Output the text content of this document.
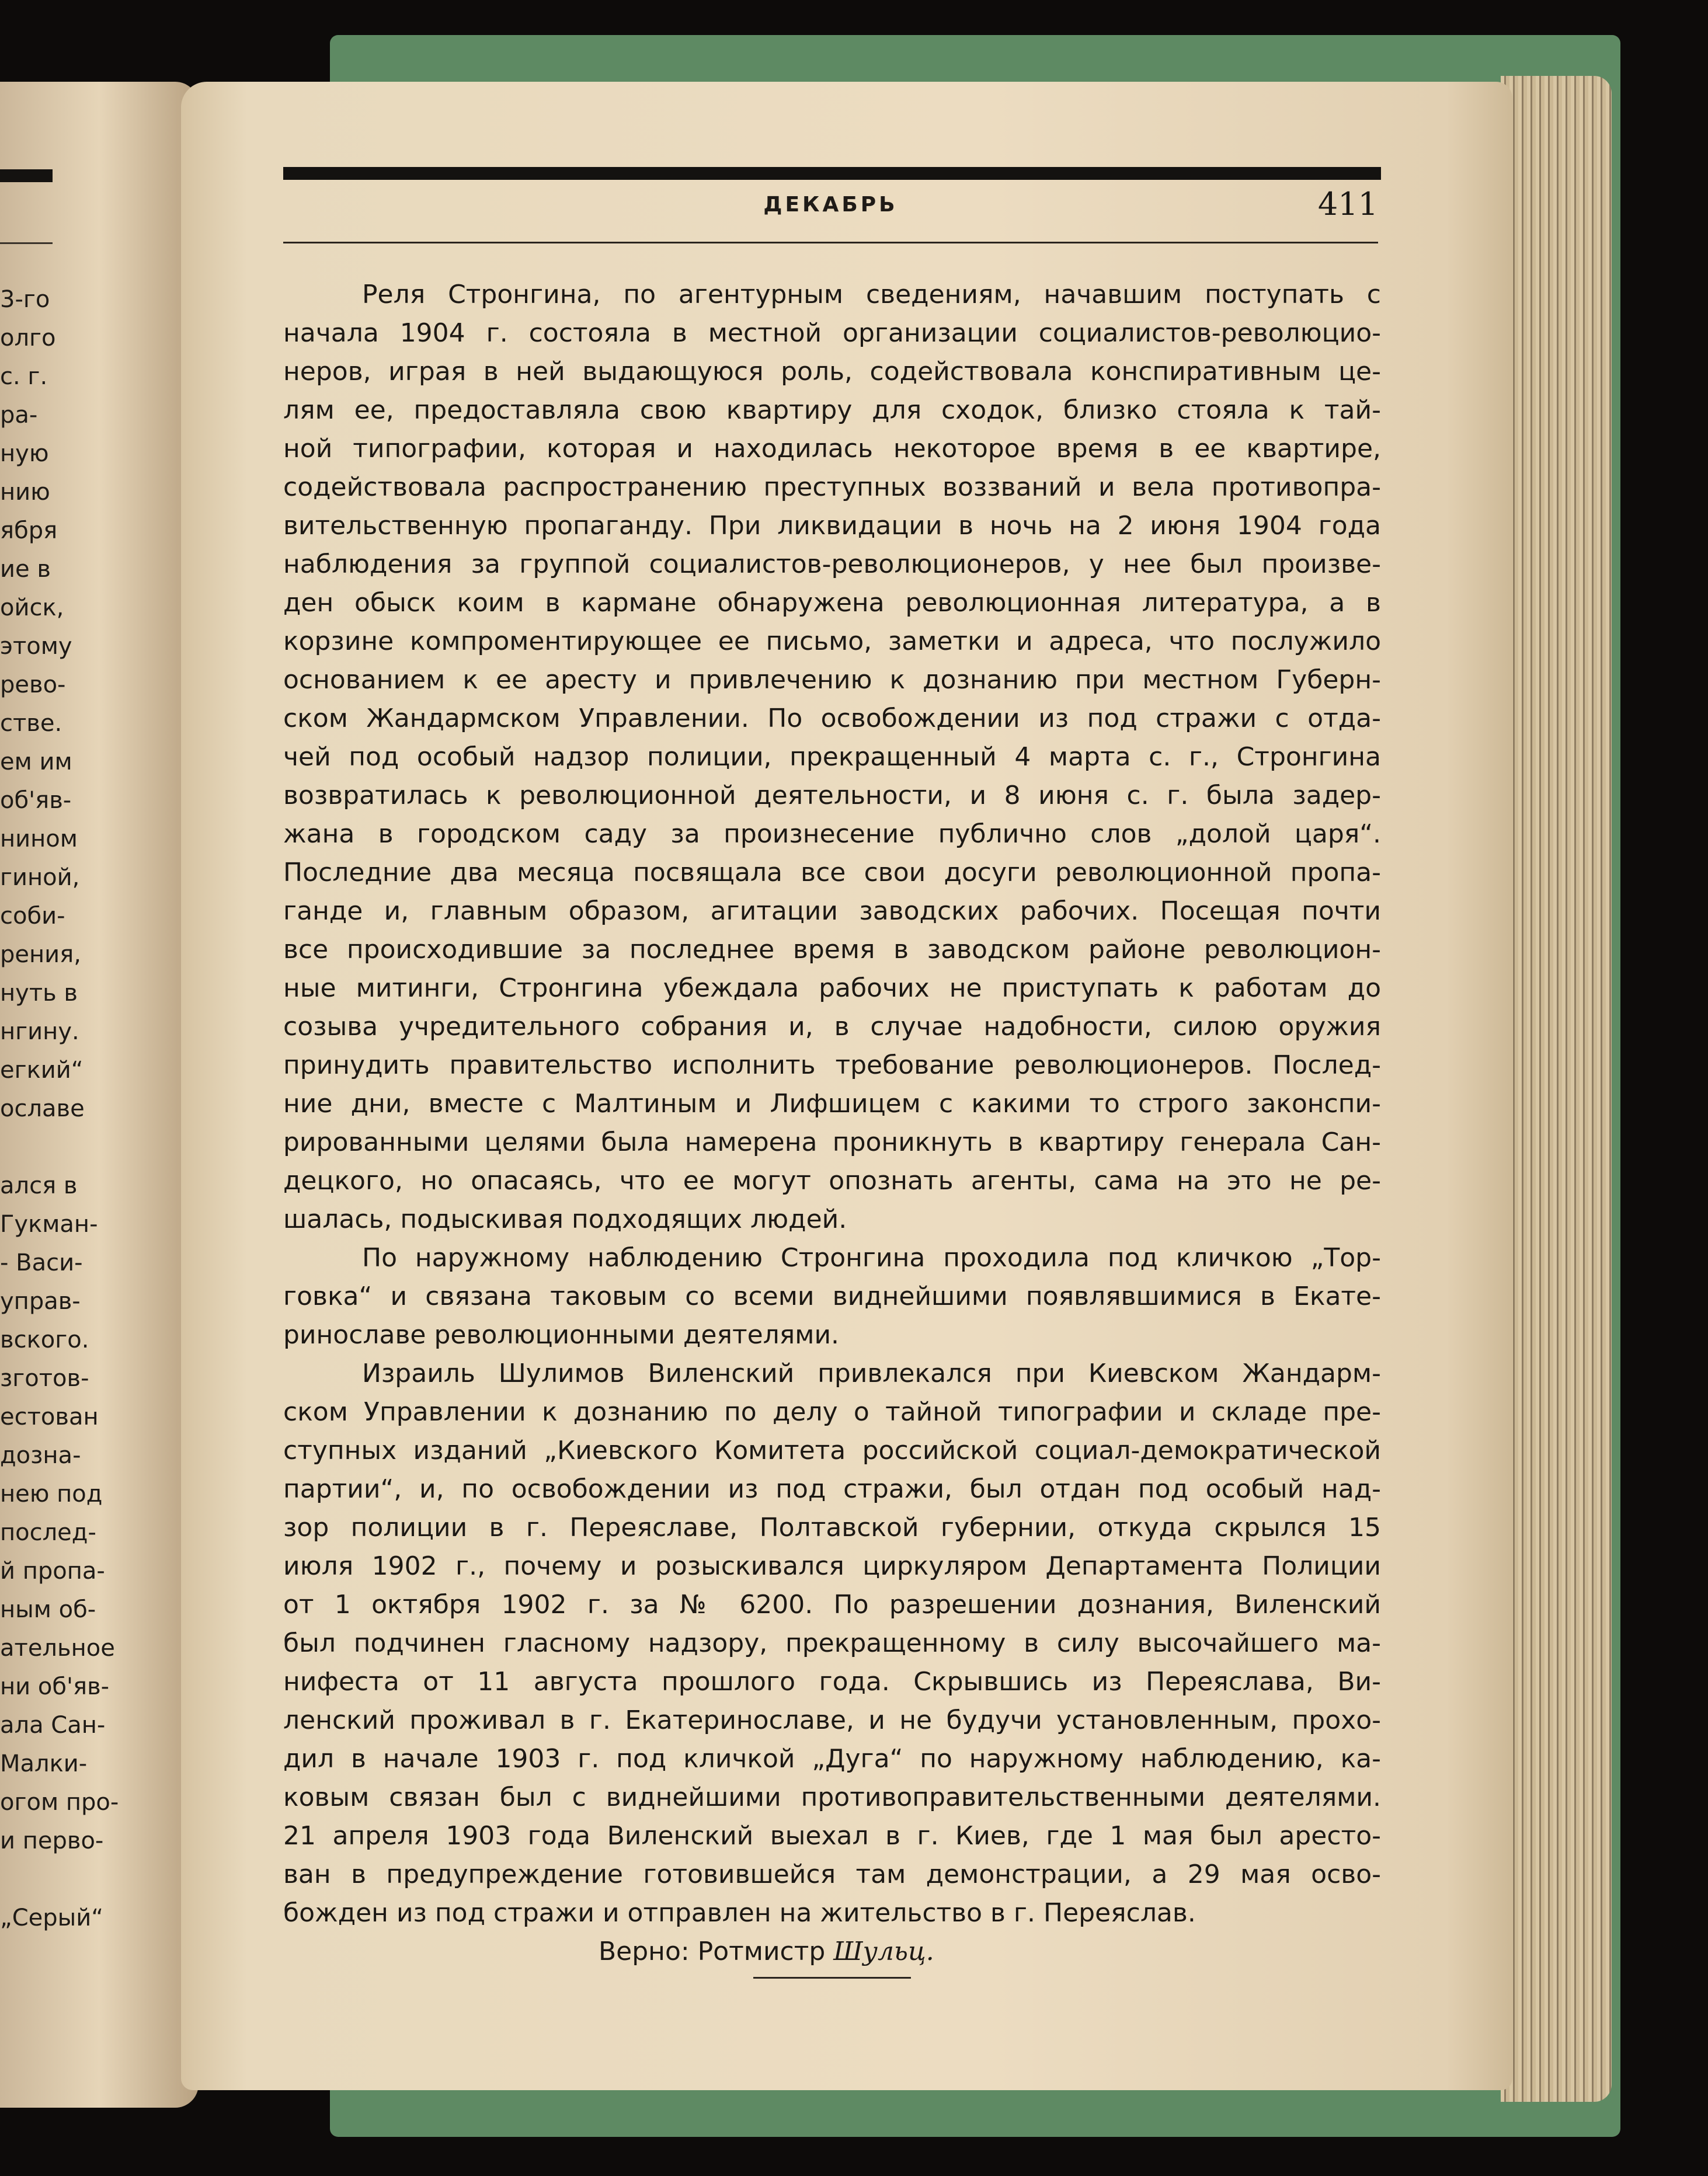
3-го
олго
с. г.
ра-
ную
нию
ября
ие в
ойск,
этому
рево-
стве.
ем им
об'яв-
нином
гиной,
соби-
рения,
нуть в
нгину.
егкий“
ославе
ался в
Гукман-
- Васи-
управ-
вского.
зготов-
естован
дозна-
нею под
послед-
й пропа-
ным об-
ательное
ни об'яв-
ала Сан-
Малки-
огом про-
и перво-
„Серый“
ДЕКАБРЬ	411
Реля Стронгина, по агентурным сведениям, начавшим поступать с
начала 1904 г. состояла в местной организации социалистов-революцио-
неров, играя в ней выдающуюся роль, содействовала конспиративным це-
лям ее, предоставляла свою квартиру для сходок, близко стояла к тай-
ной типографии, которая и находилась некоторое время в ее квартире,
содействовала распространению преступных воззваний и вела противопра-
вительственную пропаганду. При ликвидации в ночь на 2 июня 1904 года
наблюдения за группой социалистов-революционеров, у нее был произве-
ден обыск коим в кармане обнаружена революционная литература, а в
корзине компроментирующее ее письмо, заметки и адреса, что послужило
основанием к ее аресту и привлечению к дознанию при местном Губерн-
ском Жандармском Управлении. По освобождении из под стражи с отда-
чей под особый надзор полиции, прекращенный 4 марта с. г., Стронгина
возвратилась к революционной деятельности, и 8 июня с. г. была задер-
жана в городском саду за произнесение публично слов „долой царя“.
Последние два месяца посвящала все свои досуги революционной пропа-
ганде и, главным образом, агитации заводских рабочих. Посещая почти
все происходившие за последнее время в заводском районе революцион-
ные митинги, Стронгина убеждала рабочих не приступать к работам до
созыва учредительного собрания и, в случае надобности, силою оружия
принудить правительство исполнить требование революционеров. Послед-
ние дни, вместе с Малтиным и Лифшицем с какими то строго законспи-
рированными целями была намерена проникнуть в квартиру генерала Сан-
децкого, но опасаясь, что ее могут опознать агенты, сама на это не ре-
шалась, подыскивая подходящих людей.
По наружному наблюдению Стронгина проходила под кличкою „Тор-
говка“ и связана таковым со всеми виднейшими появлявшимися в Екате-
ринославе революционными деятелями.
Израиль Шулимов Виленский привлекался при Киевском Жандарм-
ском Управлении к дознанию по делу о тайной типографии и складе пре-
ступных изданий „Киевского Комитета российской социал-демократической
партии“, и, по освобождении из под стражи, был отдан под особый над-
зор полиции в г. Переяславе, Полтавской губернии, откуда скрылся 15
июля 1902 г., почему и розыскивался циркуляром Департамента Полиции
от 1 октября 1902 г. за № 6200. По разрешении дознания, Виленский
был подчинен гласному надзору, прекращенному в силу высочайшего ма-
нифеста от 11 августа прошлого года. Скрывшись из Переяслава, Ви-
ленский проживал в г. Екатеринославе, и не будучи установленным, прохо-
дил в начале 1903 г. под кличкой „Дуга“ по наружному наблюдению, ка-
ковым связан был с виднейшими противоправительственными деятелями.
21 апреля 1903 года Виленский выехал в г. Киев, где 1 мая был аресто-
ван в предупреждение готовившейся там демонстрации, а 29 мая осво-
божден из под стражи и отправлен на жительство в г. Переяслав.
Верно: Ротмистр Шульц.
